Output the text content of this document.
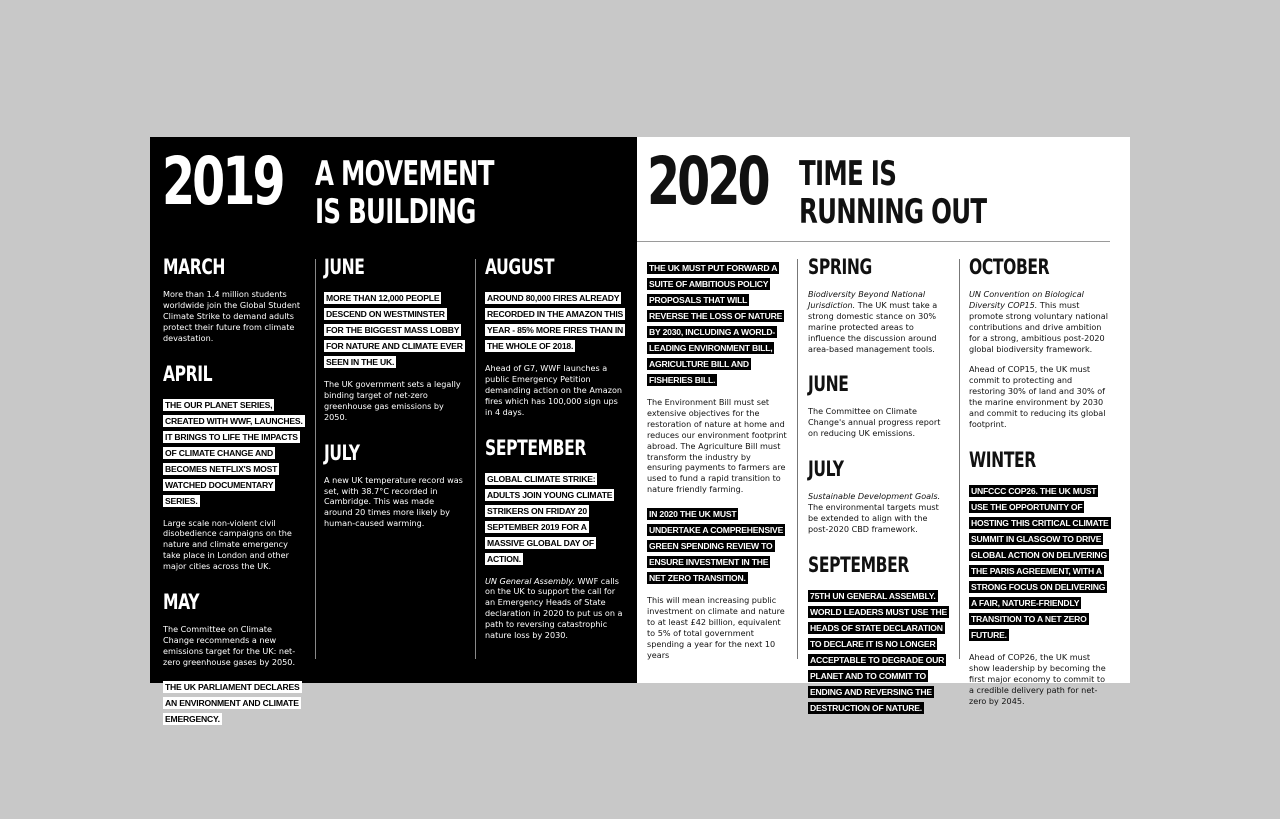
2019 A MOVEMENT
IS BUILDING
MARCH
More than 1.4 million students worldwide join the Global Student Climate Strike to demand adults protect their future from climate devastation.
APRIL
THE OUR PLANET SERIES, CREATED WITH WWF, LAUNCHES. IT BRINGS TO LIFE THE IMPACTS OF CLIMATE CHANGE AND BECOMES NETFLIX'S MOST WATCHED DOCUMENTARY SERIES.
Large scale non-violent civil disobedience campaigns on the nature and climate emergency take place in London and other major cities across the UK.
MAY
The Committee on Climate Change recommends a new emissions target for the UK: net-zero greenhouse gases by 2050.
THE UK PARLIAMENT DECLARES AN ENVIRONMENT AND CLIMATE EMERGENCY.
JUNE
MORE THAN 12,000 PEOPLE DESCEND ON WESTMINSTER FOR THE BIGGEST MASS LOBBY FOR NATURE AND CLIMATE EVER SEEN IN THE UK.
The UK government sets a legally binding target of net-zero greenhouse gas emissions by 2050.
JULY
A new UK temperature record was set, with 38.7°C recorded in Cambridge. This was made around 20 times more likely by human-caused warming.
AUGUST
AROUND 80,000 FIRES ALREADY RECORDED IN THE AMAZON THIS YEAR - 85% MORE FIRES THAN IN THE WHOLE OF 2018.
Ahead of G7, WWF launches a public Emergency Petition demanding action on the Amazon fires which has 100,000 sign ups in 4 days.
SEPTEMBER
GLOBAL CLIMATE STRIKE: ADULTS JOIN YOUNG CLIMATE STRIKERS ON FRIDAY 20 SEPTEMBER 2019 FOR A MASSIVE GLOBAL DAY OF ACTION.
UN General Assembly. WWF calls on the UK to support the call for an Emergency Heads of State declaration in 2020 to put us on a path to reversing catastrophic nature loss by 2030.
2020 TIME IS
RUNNING OUT
THE UK MUST PUT FORWARD A SUITE OF AMBITIOUS POLICY PROPOSALS THAT WILL REVERSE THE LOSS OF NATURE BY 2030, INCLUDING A WORLD-LEADING ENVIRONMENT BILL, AGRICULTURE BILL AND FISHERIES BILL.
The Environment Bill must set extensive objectives for the restoration of nature at home and reduces our environment footprint abroad. The Agriculture Bill must transform the industry by ensuring payments to farmers are used to fund a rapid transition to nature friendly farming.
IN 2020 THE UK MUST UNDERTAKE A COMPREHENSIVE GREEN SPENDING REVIEW TO ENSURE INVESTMENT IN THE NET ZERO TRANSITION.
This will mean increasing public investment on climate and nature to at least £42 billion, equivalent to 5% of total government spending a year for the next 10 years
SPRING
Biodiversity Beyond National Jurisdiction. The UK must take a strong domestic stance on 30% marine protected areas to influence the discussion around area-based management tools.
JUNE
The Committee on Climate Change's annual progress report on reducing UK emissions.
JULY
Sustainable Development Goals. The environmental targets must be extended to align with the post-2020 CBD framework.
SEPTEMBER
75TH UN GENERAL ASSEMBLY. WORLD LEADERS MUST USE THE HEADS OF STATE DECLARATION TO DECLARE IT IS NO LONGER ACCEPTABLE TO DEGRADE OUR PLANET AND TO COMMIT TO ENDING AND REVERSING THE DESTRUCTION OF NATURE.
OCTOBER
UN Convention on Biological Diversity COP15. This must promote strong voluntary national contributions and drive ambition for a strong, ambitious post-2020 global biodiversity framework.
Ahead of COP15, the UK must commit to protecting and restoring 30% of land and 30% of the marine environment by 2030 and commit to reducing its global footprint.
WINTER
UNFCCC COP26. THE UK MUST USE THE OPPORTUNITY OF HOSTING THIS CRITICAL CLIMATE SUMMIT IN GLASGOW TO DRIVE GLOBAL ACTION ON DELIVERING THE PARIS AGREEMENT, WITH A STRONG FOCUS ON DELIVERING A FAIR, NATURE-FRIENDLY TRANSITION TO A NET ZERO FUTURE.
Ahead of COP26, the UK must show leadership by becoming the first major economy to commit to a credible delivery path for net-zero by 2045.
